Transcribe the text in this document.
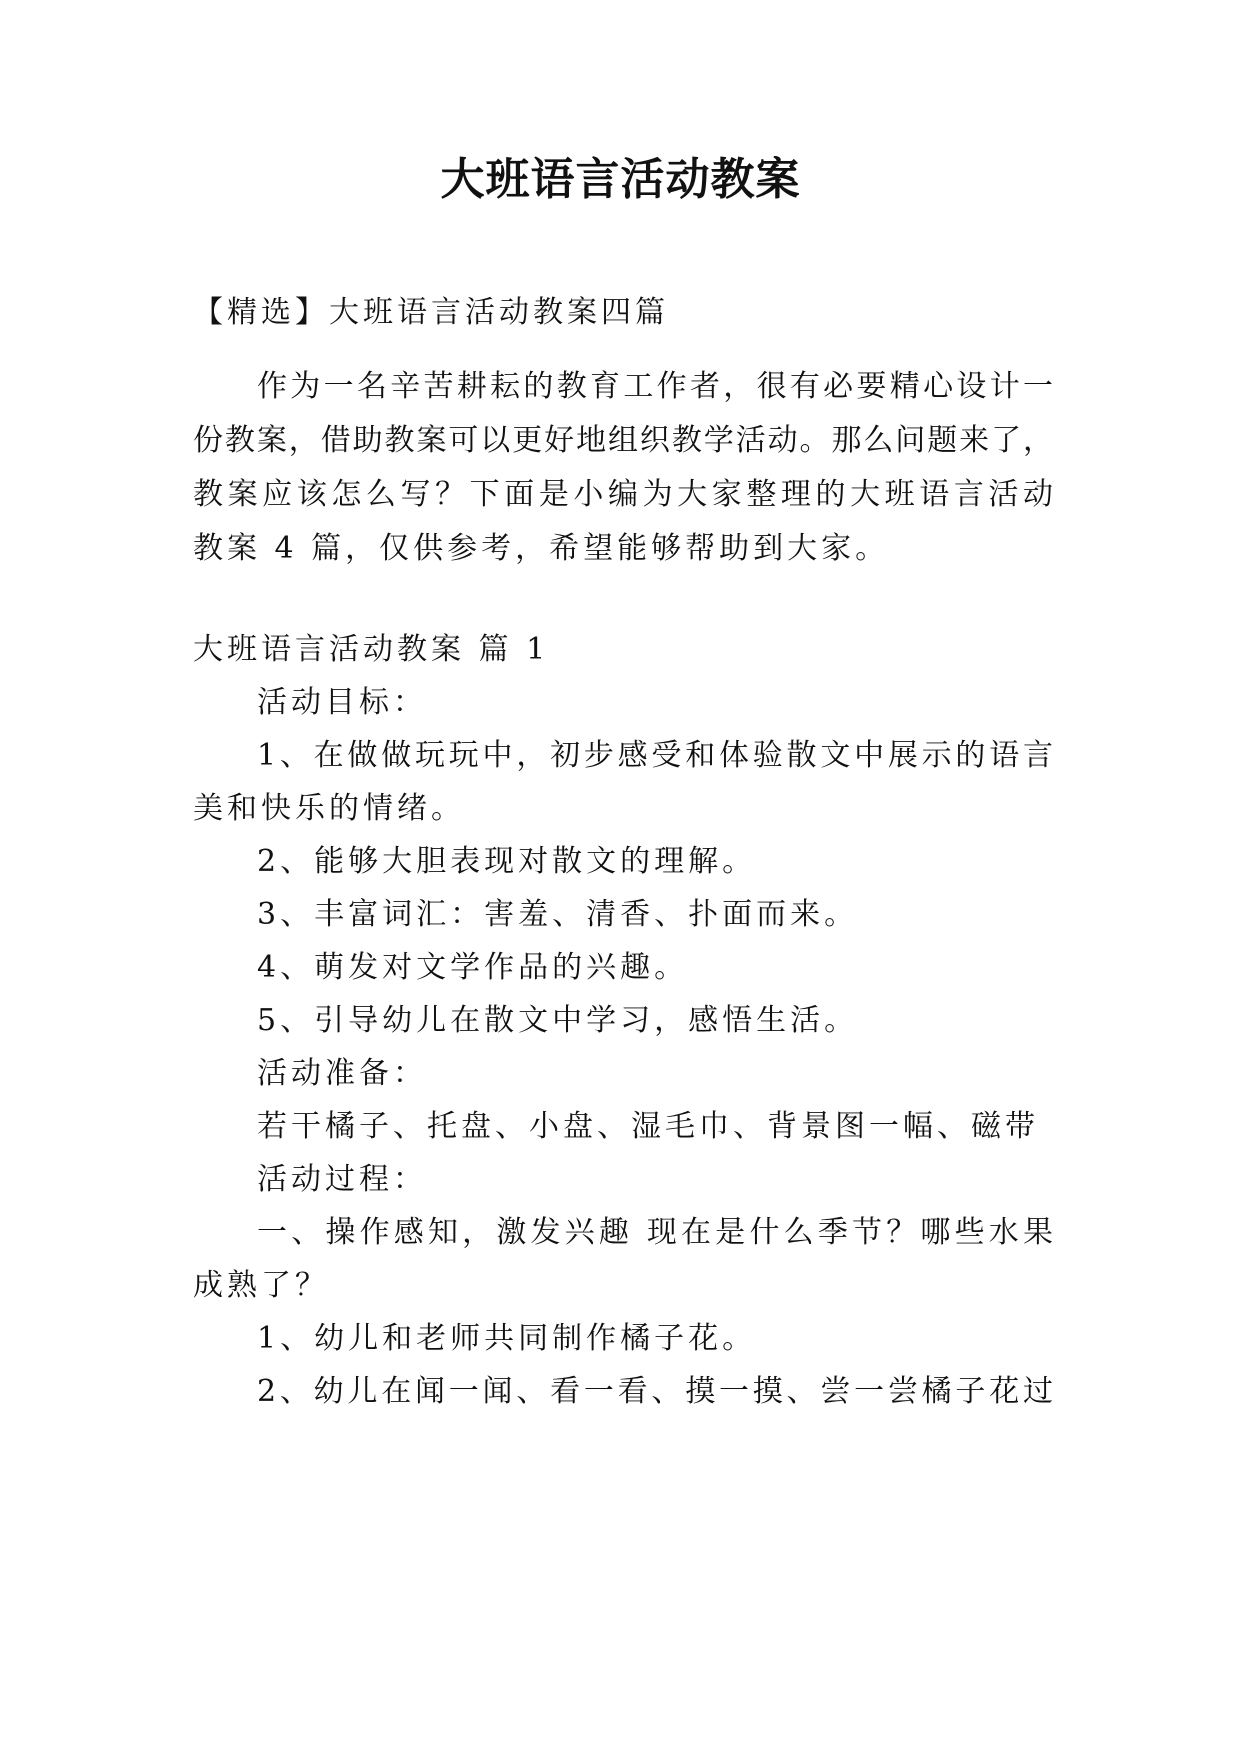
大班语言活动教案

【精选】大班语言活动教案四篇

作为一名辛苦耕耘的教育工作者，很有必要精心设计一

份教案，借助教案可以更好地组织教学活动。那么问题来了，

教案应该怎么写？下面是小编为大家整理的大班语言活动

教案 4 篇，仅供参考，希望能够帮助到大家。

大班语言活动教案 篇 1

活动目标：

1、在做做玩玩中，初步感受和体验散文中展示的语言

美和快乐的情绪。

2、能够大胆表现对散文的理解。

3、丰富词汇：害羞、清香、扑面而来。

4、萌发对文学作品的兴趣。

5、引导幼儿在散文中学习，感悟生活。

活动准备：

若干橘子、托盘、小盘、湿毛巾、背景图一幅、磁带

活动过程：

一、操作感知，激发兴趣 现在是什么季节？哪些水果

成熟了？

1、幼儿和老师共同制作橘子花。

2、幼儿在闻一闻、看一看、摸一摸、尝一尝橘子花过
